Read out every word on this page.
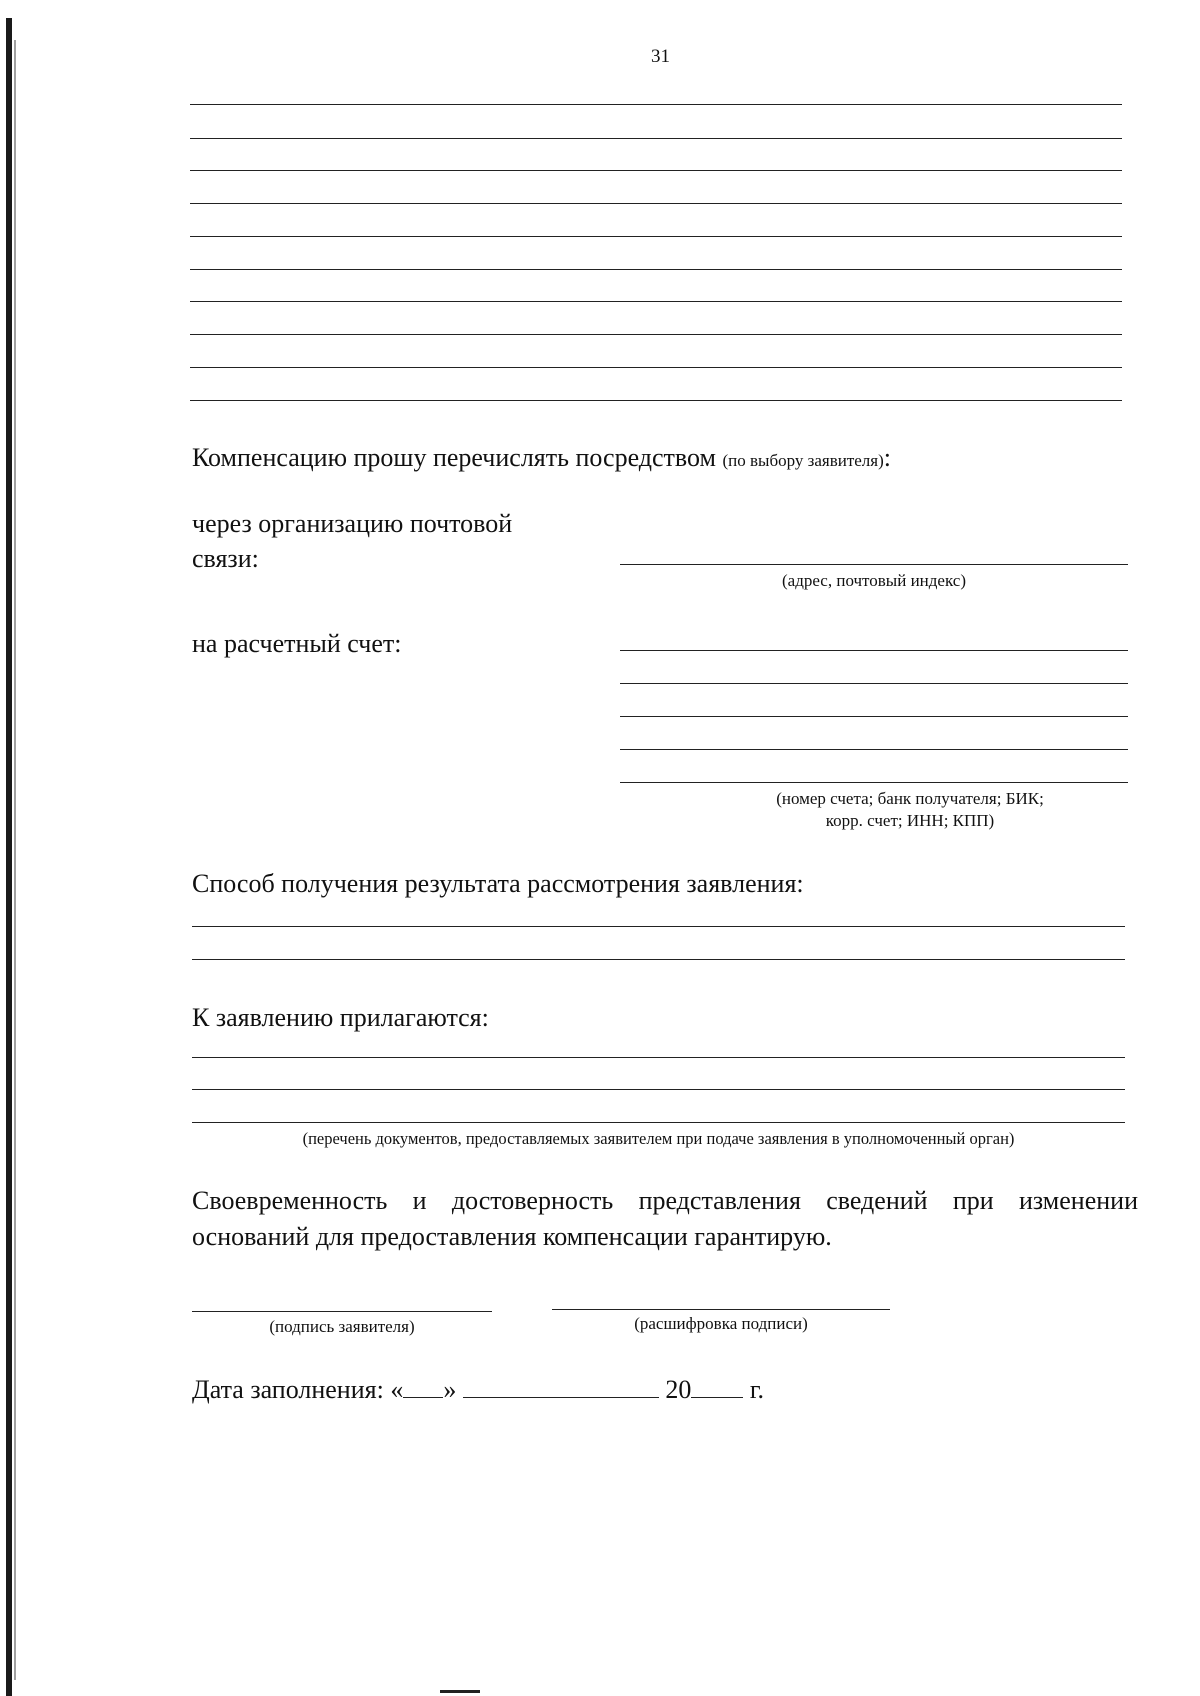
31
Компенсацию прошу перечислять посредством (по выбору заявителя):
через организацию почтовой
связи:
(адрес, почтовый индекс)
на расчетный счет:
(номер счета; банк получателя; БИК;
корр. счет; ИНН; КПП)
Способ получения результата рассмотрения заявления:
К заявлению прилагаются:
(перечень документов, предоставляемых заявителем при подаче заявления в уполномоченный орган)
Своевременность и достоверность представления сведений при изменении оснований для предоставления компенсации гарантирую.
(подпись заявителя)	(расшифровка подписи)
Дата заполнения: « »	20 г.
